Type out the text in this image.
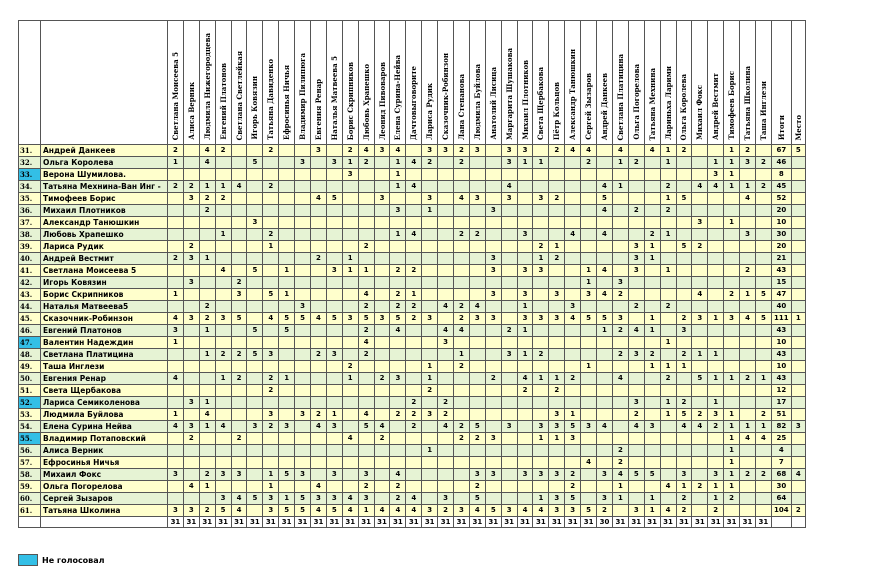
		Светлана Моисеева 5	Алиса Верник	Людмила Нижегородцева	Евгений Платонов	Светлана Светлейкая	Игорь Ковязин	Татьяна Давиденко	Ефросинья Ничья	Владимир Пилипюга	Евгения Ренар	Наталья Матвеева 5	Борис Скрипников	Любовь Храпешко	Леонид Пивоваров	Елена Сурина-Нейва	Дачтовыговорите	Лариса Рудик	Сказочник-Робинзон	Лана Степанова	Людмила Буйлова	Анатолий Лисица	Маргарита Шушакова	Михаил Плотников	Света Щербакова	Пётр Кольцов	Александр Танюшкин	Сергей Зызаров	Андрей Данкеев	Светлана Платицина	Ольга Погорелова	Татьяна Мехнина	Лариньха Ларими	Ольга Королева	Михаил Фокс	Андрей Вестмит	Тимофеев Борис	Татьяна Школина	Таша Инглези	Итоги	Место
31.	Андрей Данкеев	2		4	2			2			3		2	4	3	4		3	3	2	3		3	3		2	4	4		4		4	1	2			1	2		67	5
32.	Ольга Королева	1		4			5			3		3	1	2		1	4	2		2			3	1	1			2		1	2		1			1	1	3	2	46	
33.	Верона Шумилова.												3			1																				3	1			8	
34.	Татьяна Мехнина-Ван Инг -	2	2	1	1	4		2								1	4						4						4	1			2		4	4	1	1	2	45	
35.	Тимофеев Борис		3	2	2						4	5			3			3		4	3		3		3	2			5				1	5				4		52	
36.	Михаил Плотников			2												3		1				3							4		2		2							20	
37.	Александр Танюшкин						3																												3		1			10	
38.	Любовь Храпешко				1			2								1	4			2	2			3			4		4			2	1					3		30	
39.	Лариса Рудик		2					1						2											2	1					3	1		5	2					20	
40.	Андрей Вестмит	2	3	1							2		1									3			1	2					3	1								21	
41.	Светлана Моисеева 5				4		5		1			3	1	1		2	2					3		3	3			1	4		3		1					2		43	
42.	Игорь Ковязин		3			2																						1		3										15	
43.	Борис Скрипников	1				3		5	1					4		2	1					3		3		3		3	4	2					4		2	1	5	47	
44.	Наталья Матвеева5			2						3				2		2	2		4	2	4			1			3				2		2							40	
45.	Сказочник-Робинзон	4	3	2	3	5		4	5	5	4	5	3	5	3	5	2	3		2	3	3		3	3	3	4	5	5	3		1		2	3	1	3	4	5	111	1
46.	Евгений Платонов	3		1			5		5					2		4			4	4			2	1					1	2	4	1		3						43	
47.	Валентин Надеждин	1												4					3														1							10	
48.	Светлана Платицина			1	2	2	5	3			2	3		2						1			3	1	2					2	3	2		2	1	1				43	
49.	Таша Инглези												2					1		2								1				1	1	1						10	
50.	Евгения Ренар	4			1	2		2	1				1		2	3		1				2		4	1	1	2			4			2		5	1	1	2	1	43	
51.	Света Щербакова							2										2						2		2														12	
52.	Лариса Семиколенова		3	1													2		2												3		1	2		1				17	
53.	Людмила Буйлова	1		4				3		3	2	1		4		2	2	3	2							3	1				2		1	5	2	3	1		2	51	
54.	Елена Сурина Нейва	4	3	1	4		3	2	3		4	3		5	4		2		4	2	5		3		3	3	5	3	4		4	3		4	4	2	1	1	1	82	3
55.	Владимир Потаповский		2			2							4		2					2	2	3			1	1	3										1	4	4	25	
56.	Алиса Верник																	1												2							1			4	
57.	Ефросинья Ничья																											4		2							1			7	
58.	Михаил Фокс	3		2	3	3		1	5	3		3		3		4					3	3		3	3	3	2		3	4	5	5		3		3	1	2	2	68	4
59.	Ольга Погорелова		4	1				1			4			2		2					2						2			1			4	1	2	1	1			30	
60.	Сергей Зызаров				3	4	5	3	1	5	3	3	4	3		2	4		3		5				1	3	5		3	1		1		2		1	2			64	
61.	Татьяна Школина	3	3	2	5	4		3	5	5	4	5	4	1	4	4	4	3	2	3	4	5	3	4	4	3	3	5	2		3	1	4	2		2				104	2
		31	31	31	31	31	31	31	31	31	31	31	31	31	31	31	31	31	31	31	31	31	31	31	31	31	31	31	30	31	31	31	31	31	31	31	31	31	31		
Не голосовал
